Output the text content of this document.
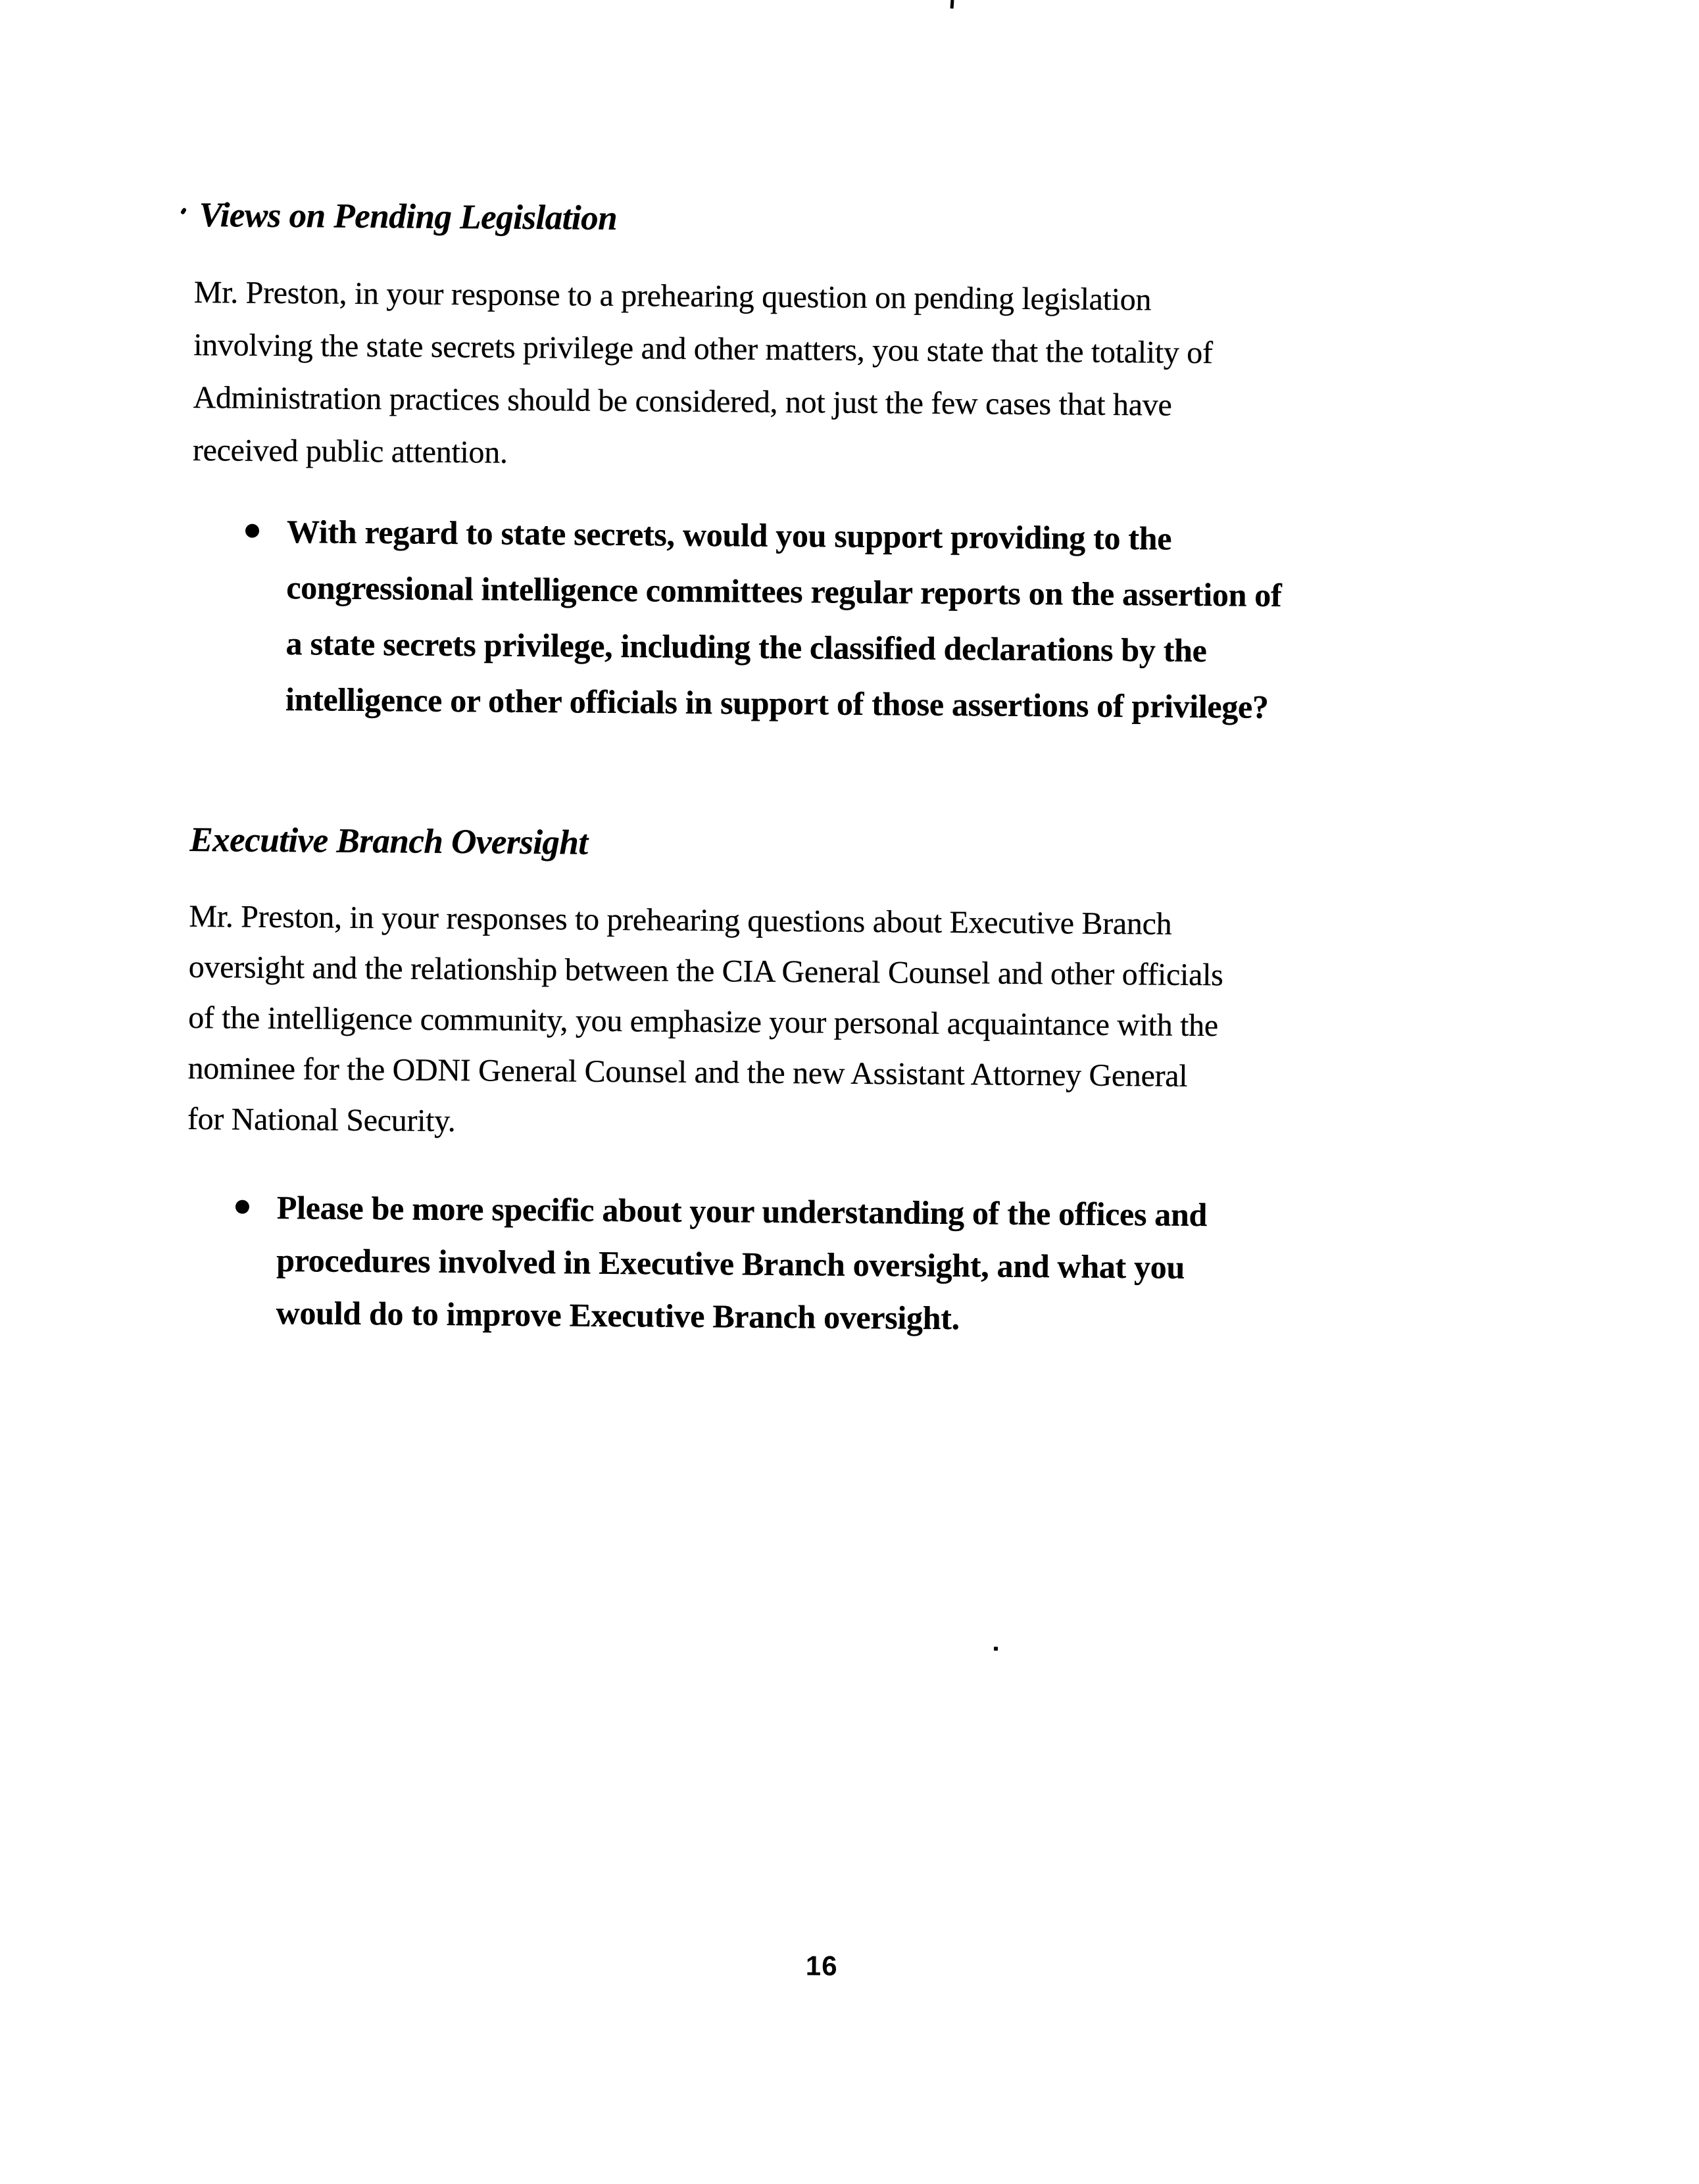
Views on Pending Legislation

Mr. Preston, in your response to a prehearing question on pending legislation
involving the state secrets privilege and other matters, you state that the totality of
Administration practices should be considered, not just the few cases that have
received public attention.

With regard to state secrets, would you support providing to the
congressional intelligence committees regular reports on the assertion of
a state secrets privilege, including the classified declarations by the
intelligence or other officials in support of those assertions of privilege?

Executive Branch Oversight

Mr. Preston, in your responses to prehearing questions about Executive Branch
oversight and the relationship between the CIA General Counsel and other officials
of the intelligence community, you emphasize your personal acquaintance with the
nominee for the ODNI General Counsel and the new Assistant Attorney General
for National Security.

Please be more specific about your understanding of the offices and
procedures involved in Executive Branch oversight, and what you
would do to improve Executive Branch oversight.

16
